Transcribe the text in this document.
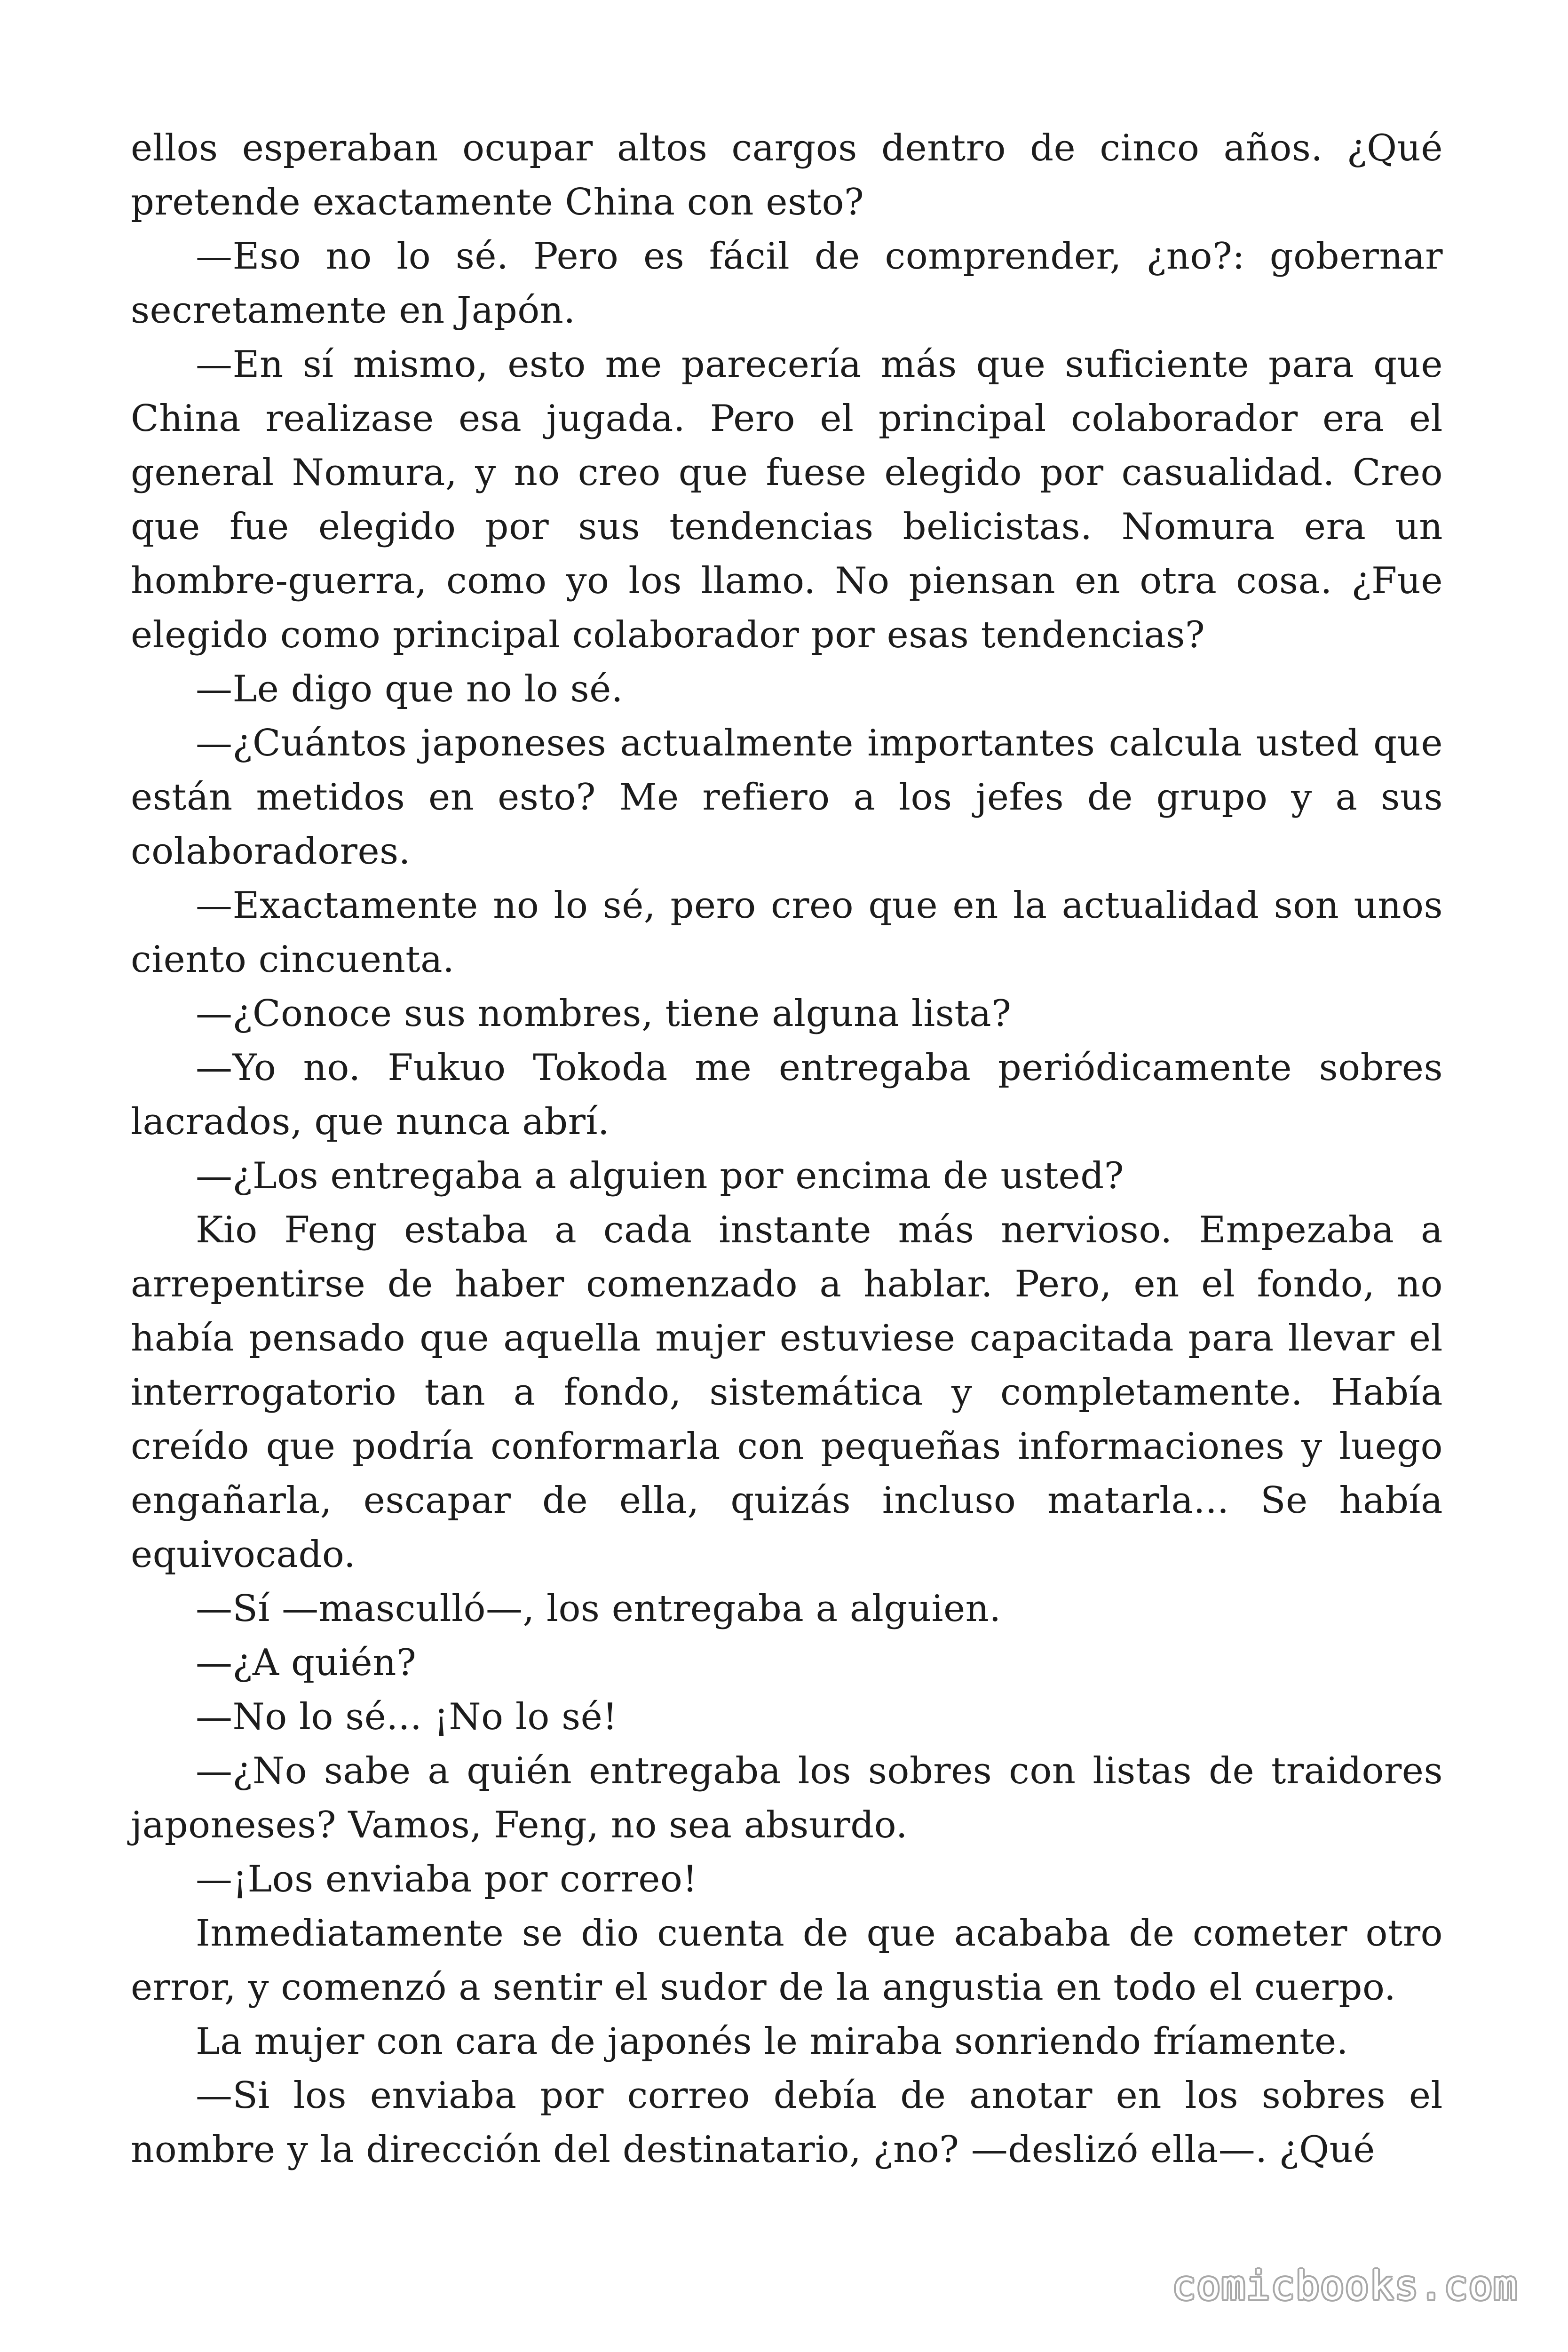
ellos esperaban ocupar altos cargos dentro de cinco años. ¿Qué pretende exactamente China con esto?

—Eso no lo sé. Pero es fácil de comprender, ¿no?: gobernar secretamente en Japón.

—En sí mismo, esto me parecería más que suficiente para que China realizase esa jugada. Pero el principal colaborador era el general Nomura, y no creo que fuese elegido por casualidad. Creo que fue elegido por sus tendencias belicistas. Nomura era un hombre-guerra, como yo los llamo. No piensan en otra cosa. ¿Fue elegido como principal colaborador por esas tendencias?

—Le digo que no lo sé.

—¿Cuántos japoneses actualmente importantes calcula usted que están metidos en esto? Me refiero a los jefes de grupo y a sus colaboradores.

—Exactamente no lo sé, pero creo que en la actualidad son unos ciento cincuenta.

—¿Conoce sus nombres, tiene alguna lista?

—Yo no. Fukuo Tokoda me entregaba periódicamente sobres lacrados, que nunca abrí.

—¿Los entregaba a alguien por encima de usted?

Kio Feng estaba a cada instante más nervioso. Empezaba a arrepentirse de haber comenzado a hablar. Pero, en el fondo, no había pensado que aquella mujer estuviese capacitada para llevar el interrogatorio tan a fondo, sistemática y completamente. Había creído que podría conformarla con pequeñas informaciones y luego engañarla, escapar de ella, quizás incluso matarla... Se había equivocado.

—Sí —masculló—, los entregaba a alguien.

—¿A quién?

—No lo sé... ¡No lo sé!

—¿No sabe a quién entregaba los sobres con listas de traidores japoneses? Vamos, Feng, no sea absurdo.

—¡Los enviaba por correo!

Inmediatamente se dio cuenta de que acababa de cometer otro error, y comenzó a sentir el sudor de la angustia en todo el cuerpo.

La mujer con cara de japonés le miraba sonriendo fríamente.

—Si los enviaba por correo debía de anotar en los sobres el nombre y la dirección del destinatario, ¿no? —deslizó ella—. ¿Qué

comicbooks.com
